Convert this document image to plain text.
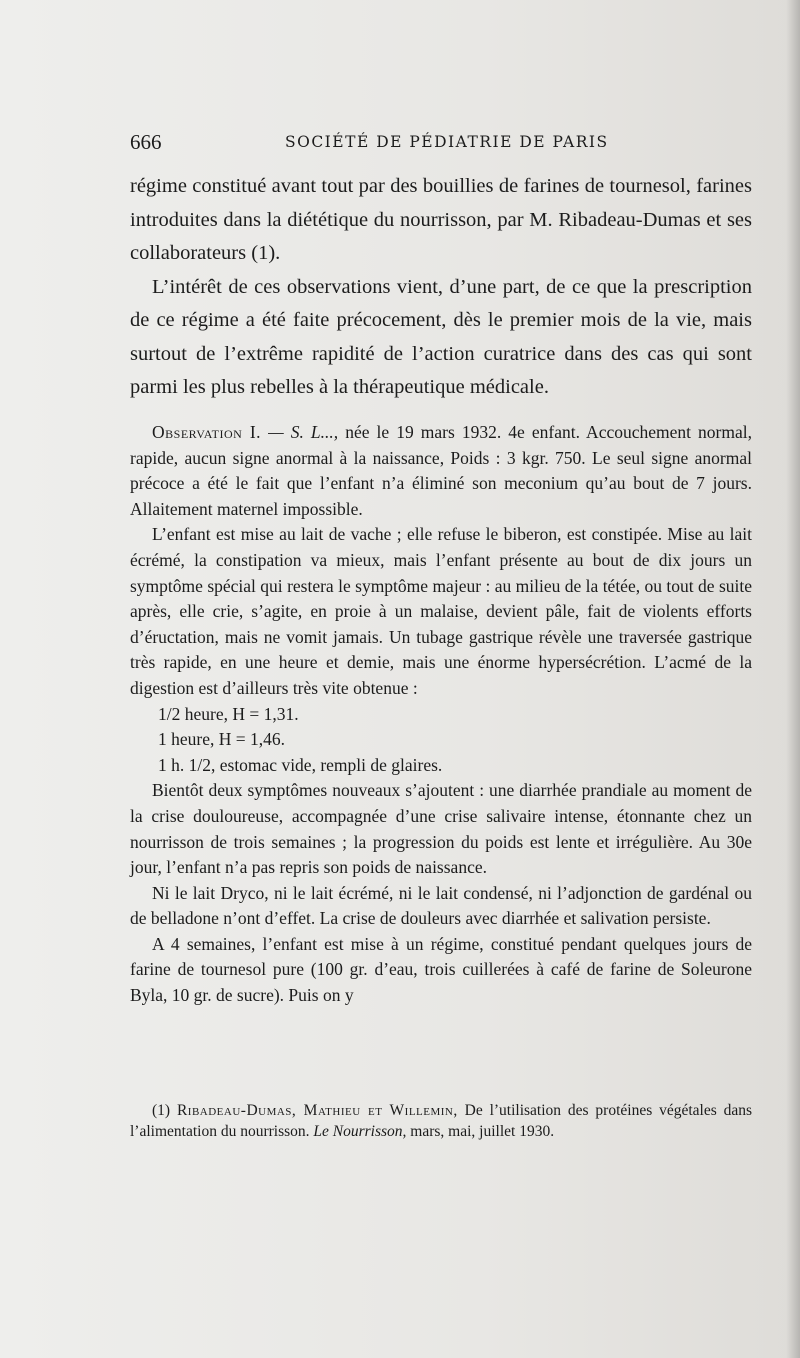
666	SOCIÉTÉ DE PÉDIATRIE DE PARIS

régime constitué avant tout par des bouillies de farines de tournesol, farines introduites dans la diététique du nourrisson, par M. Ribadeau-Dumas et ses collaborateurs (1).

L’intérêt de ces observations vient, d’une part, de ce que la prescription de ce régime a été faite précocement, dès le premier mois de la vie, mais surtout de l’extrême rapidité de l’action curatrice dans des cas qui sont parmi les plus rebelles à la thérapeutique médicale.

Observation I. — S. L..., née le 19 mars 1932. 4e enfant. Accouchement normal, rapide, aucun signe anormal à la naissance, Poids : 3 kgr. 750. Le seul signe anormal précoce a été le fait que l’enfant n’a éliminé son meconium qu’au bout de 7 jours. Allaitement maternel impossible.

L’enfant est mise au lait de vache ; elle refuse le biberon, est constipée. Mise au lait écrémé, la constipation va mieux, mais l’enfant présente au bout de dix jours un symptôme spécial qui restera le symptôme majeur : au milieu de la tétée, ou tout de suite après, elle crie, s’agite, en proie à un malaise, devient pâle, fait de violents efforts d’éructation, mais ne vomit jamais. Un tubage gastrique révèle une traversée gastrique très rapide, en une heure et demie, mais une énorme hypersécrétion. L’acmé de la digestion est d’ailleurs très vite obtenue :

1/2 heure, H = 1,31.

1 heure, H = 1,46.

1 h. 1/2, estomac vide, rempli de glaires.

Bientôt deux symptômes nouveaux s’ajoutent : une diarrhée prandiale au moment de la crise douloureuse, accompagnée d’une crise salivaire intense, étonnante chez un nourrisson de trois semaines ; la progression du poids est lente et irrégulière. Au 30e jour, l’enfant n’a pas repris son poids de naissance.

Ni le lait Dryco, ni le lait écrémé, ni le lait condensé, ni l’adjonction de gardénal ou de belladone n’ont d’effet. La crise de douleurs avec diarrhée et salivation persiste.

A 4 semaines, l’enfant est mise à un régime, constitué pendant quelques jours de farine de tournesol pure (100 gr. d’eau, trois cuillerées à café de farine de Soleurone Byla, 10 gr. de sucre). Puis on y

(1) Ribadeau-Dumas, Mathieu et Willemin, De l’utilisation des protéines végétales dans l’alimentation du nourrisson. Le Nourrisson, mars, mai, juillet 1930.
